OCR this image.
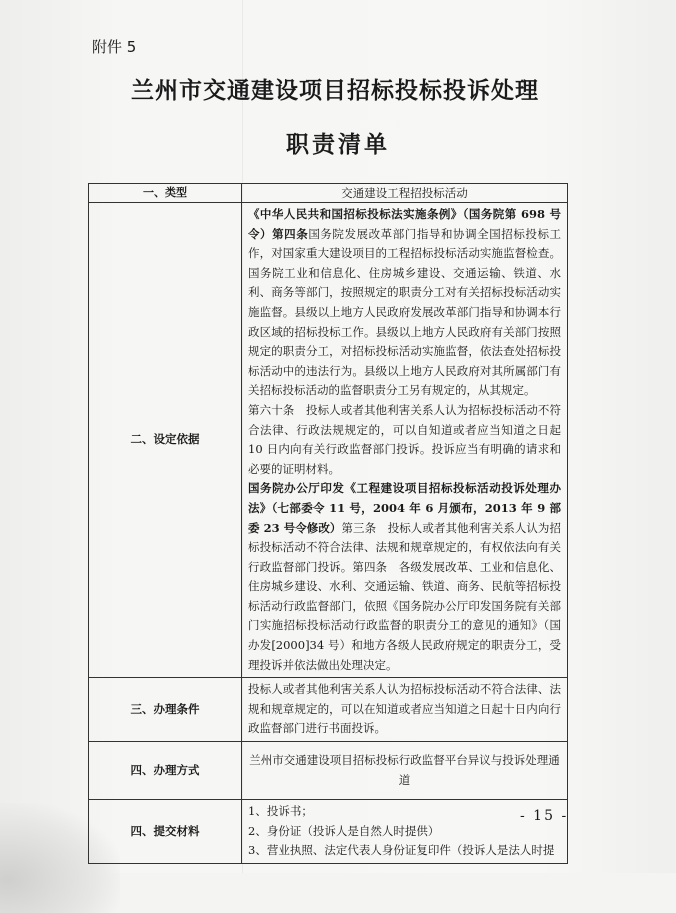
附件 5
兰州市交通建设项目招标投标投诉处理
职责清单
一、类型	交通建设工程招投标活动
二、设定依据	《中华人民共和国招标投标法实施条例》（国务院第 698 号令）第四条国务院发展改革部门指导和协调全国招标投标工作，对国家重大建设项目的工程招标投标活动实施监督检查。国务院工业和信息化、住房城乡建设、交通运输、铁道、水利、商务等部门，按照规定的职责分工对有关招标投标活动实施监督。县级以上地方人民政府发展改革部门指导和协调本行政区域的招标投标工作。县级以上地方人民政府有关部门按照规定的职责分工，对招标投标活动实施监督，依法查处招标投标活动中的违法行为。县级以上地方人民政府对其所属部门有关招标投标活动的监督职责分工另有规定的，从其规定。
第六十条　投标人或者其他利害关系人认为招标投标活动不符合法律、行政法规规定的，可以自知道或者应当知道之日起 10 日内向有关行政监督部门投诉。投诉应当有明确的请求和必要的证明材料。
国务院办公厅印发《工程建设项目招标投标活动投诉处理办法》（七部委令 11 号，2004 年 6 月颁布，2013 年 9 部委 23 号令修改）第三条　投标人或者其他利害关系人认为招标投标活动不符合法律、法规和规章规定的，有权依法向有关行政监督部门投诉。第四条　各级发展改革、工业和信息化、住房城乡建设、水利、交通运输、铁道、商务、民航等招标投标活动行政监督部门，依照《国务院办公厅印发国务院有关部门实施招标投标活动行政监督的职责分工的意见的通知》（国办发[2000]34 号）和地方各级人民政府规定的职责分工，受理投诉并依法做出处理决定。

三、办理条件	投标人或者其他利害关系人认为招标投标活动不符合法律、法规和规章规定的，可以在知道或者应当知道之日起十日内向行政监督部门进行书面投诉。
四、办理方式	兰州市交通建设项目招标投标行政监督平台异议与投诉处理通道
四、提交材料	1、投诉书；
2、身份证（投诉人是自然人时提供）
3、营业执照、法定代表人身份证复印件（投诉人是法人时提
- 15 -
